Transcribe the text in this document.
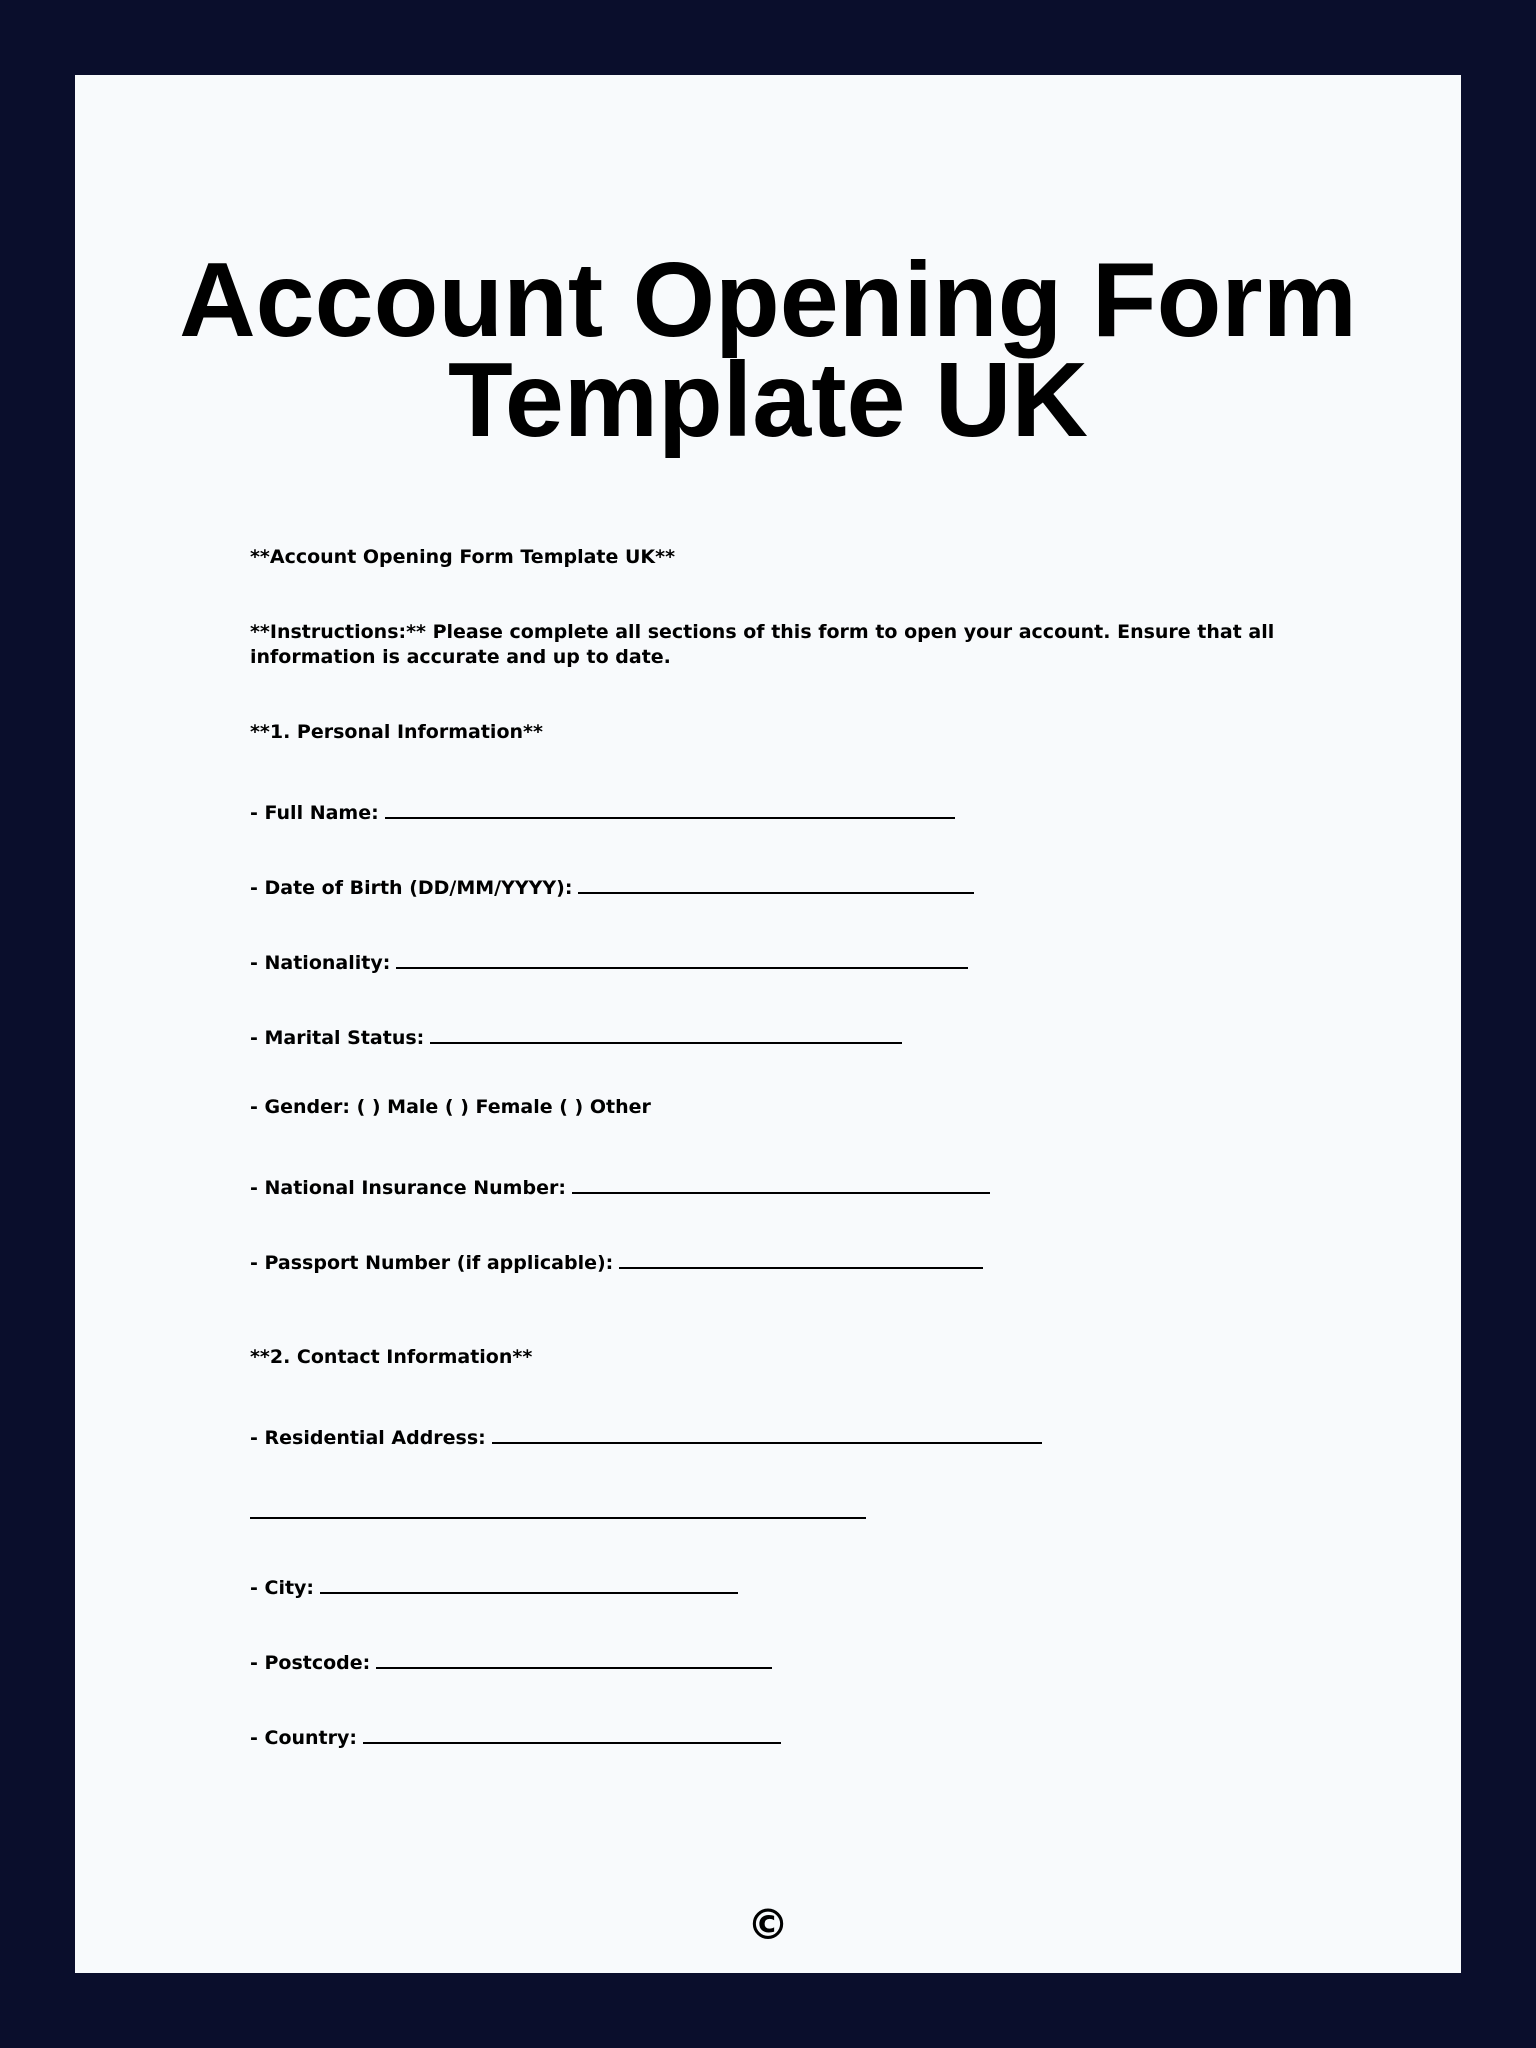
Account Opening Form
Template UK

**Account Opening Form Template UK**

**Instructions:** Please complete all sections of this form to open your account. Ensure that all information is accurate and up to date.

**1. Personal Information**

- Full Name:
- Date of Birth (DD/MM/YYYY):
- Nationality:
- Marital Status:

- Gender: ( ) Male ( ) Female ( ) Other

- National Insurance Number:
- Passport Number (if applicable):

**2. Contact Information**

- Residential Address:
- City:
- Postcode:
- Country:
©
